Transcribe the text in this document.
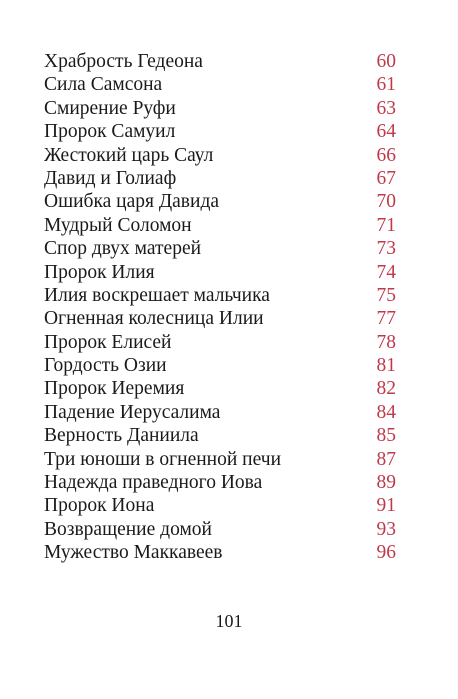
Храбрость Гедеона	60
Сила Самсона	61
Смирение Руфи	63
Пророк Самуил	64
Жестокий царь Саул	66
Давид и Голиаф	67
Ошибка царя Давида	70
Мудрый Соломон	71
Спор двух матерей	73
Пророк Илия	74
Илия воскрешает мальчика	75
Огненная колесница Илии	77
Пророк Елисей	78
Гордость Озии	81
Пророк Иеремия	82
Падение Иерусалима	84
Верность Даниила	85
Три юноши в огненной печи	87
Надежда праведного Иова	89
Пророк Иона	91
Возвращение домой	93
Мужество Маккавеев	96
101
